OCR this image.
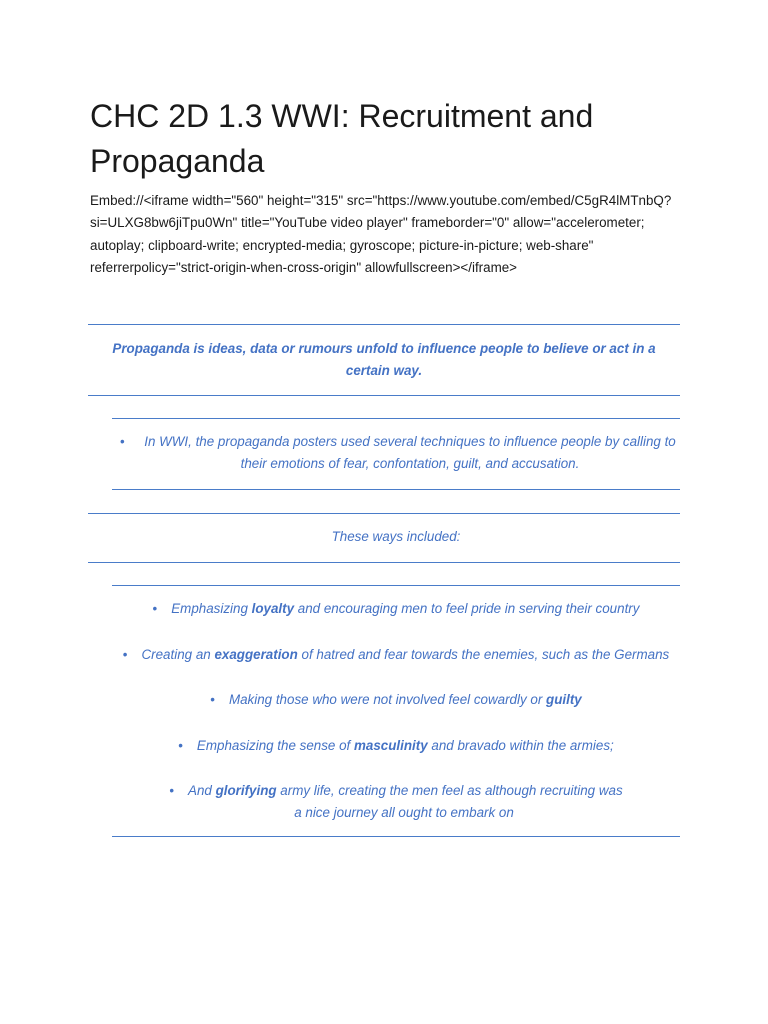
CHC 2D 1.3 WWI: Recruitment and Propaganda

Embed://<iframe width="560" height="315" src="https://www.youtube.com/embed/C5gR4lMTnbQ?si=ULXG8bw6jiTpu0Wn" title="YouTube video player" frameborder="0" allow="accelerometer; autoplay; clipboard-write; encrypted-media; gyroscope; picture-in-picture; web-share" referrerpolicy="strict-origin-when-cross-origin" allowfullscreen></iframe>

Propaganda is ideas, data or rumours unfold to influence people to believe or act in a certain way.
• In WWI, the propaganda posters used several techniques to influence people by calling to their emotions of fear, confontation, guilt, and accusation.
These ways included:
• Emphasizing loyalty and encouraging men to feel pride in serving their country
• Creating an exaggeration of hatred and fear towards the enemies, such as the Germans
• Making those who were not involved feel cowardly or guilty
• Emphasizing the sense of masculinity and bravado within the armies;
• And glorifying army life, creating the men feel as although recruiting was
a nice journey all ought to embark on
